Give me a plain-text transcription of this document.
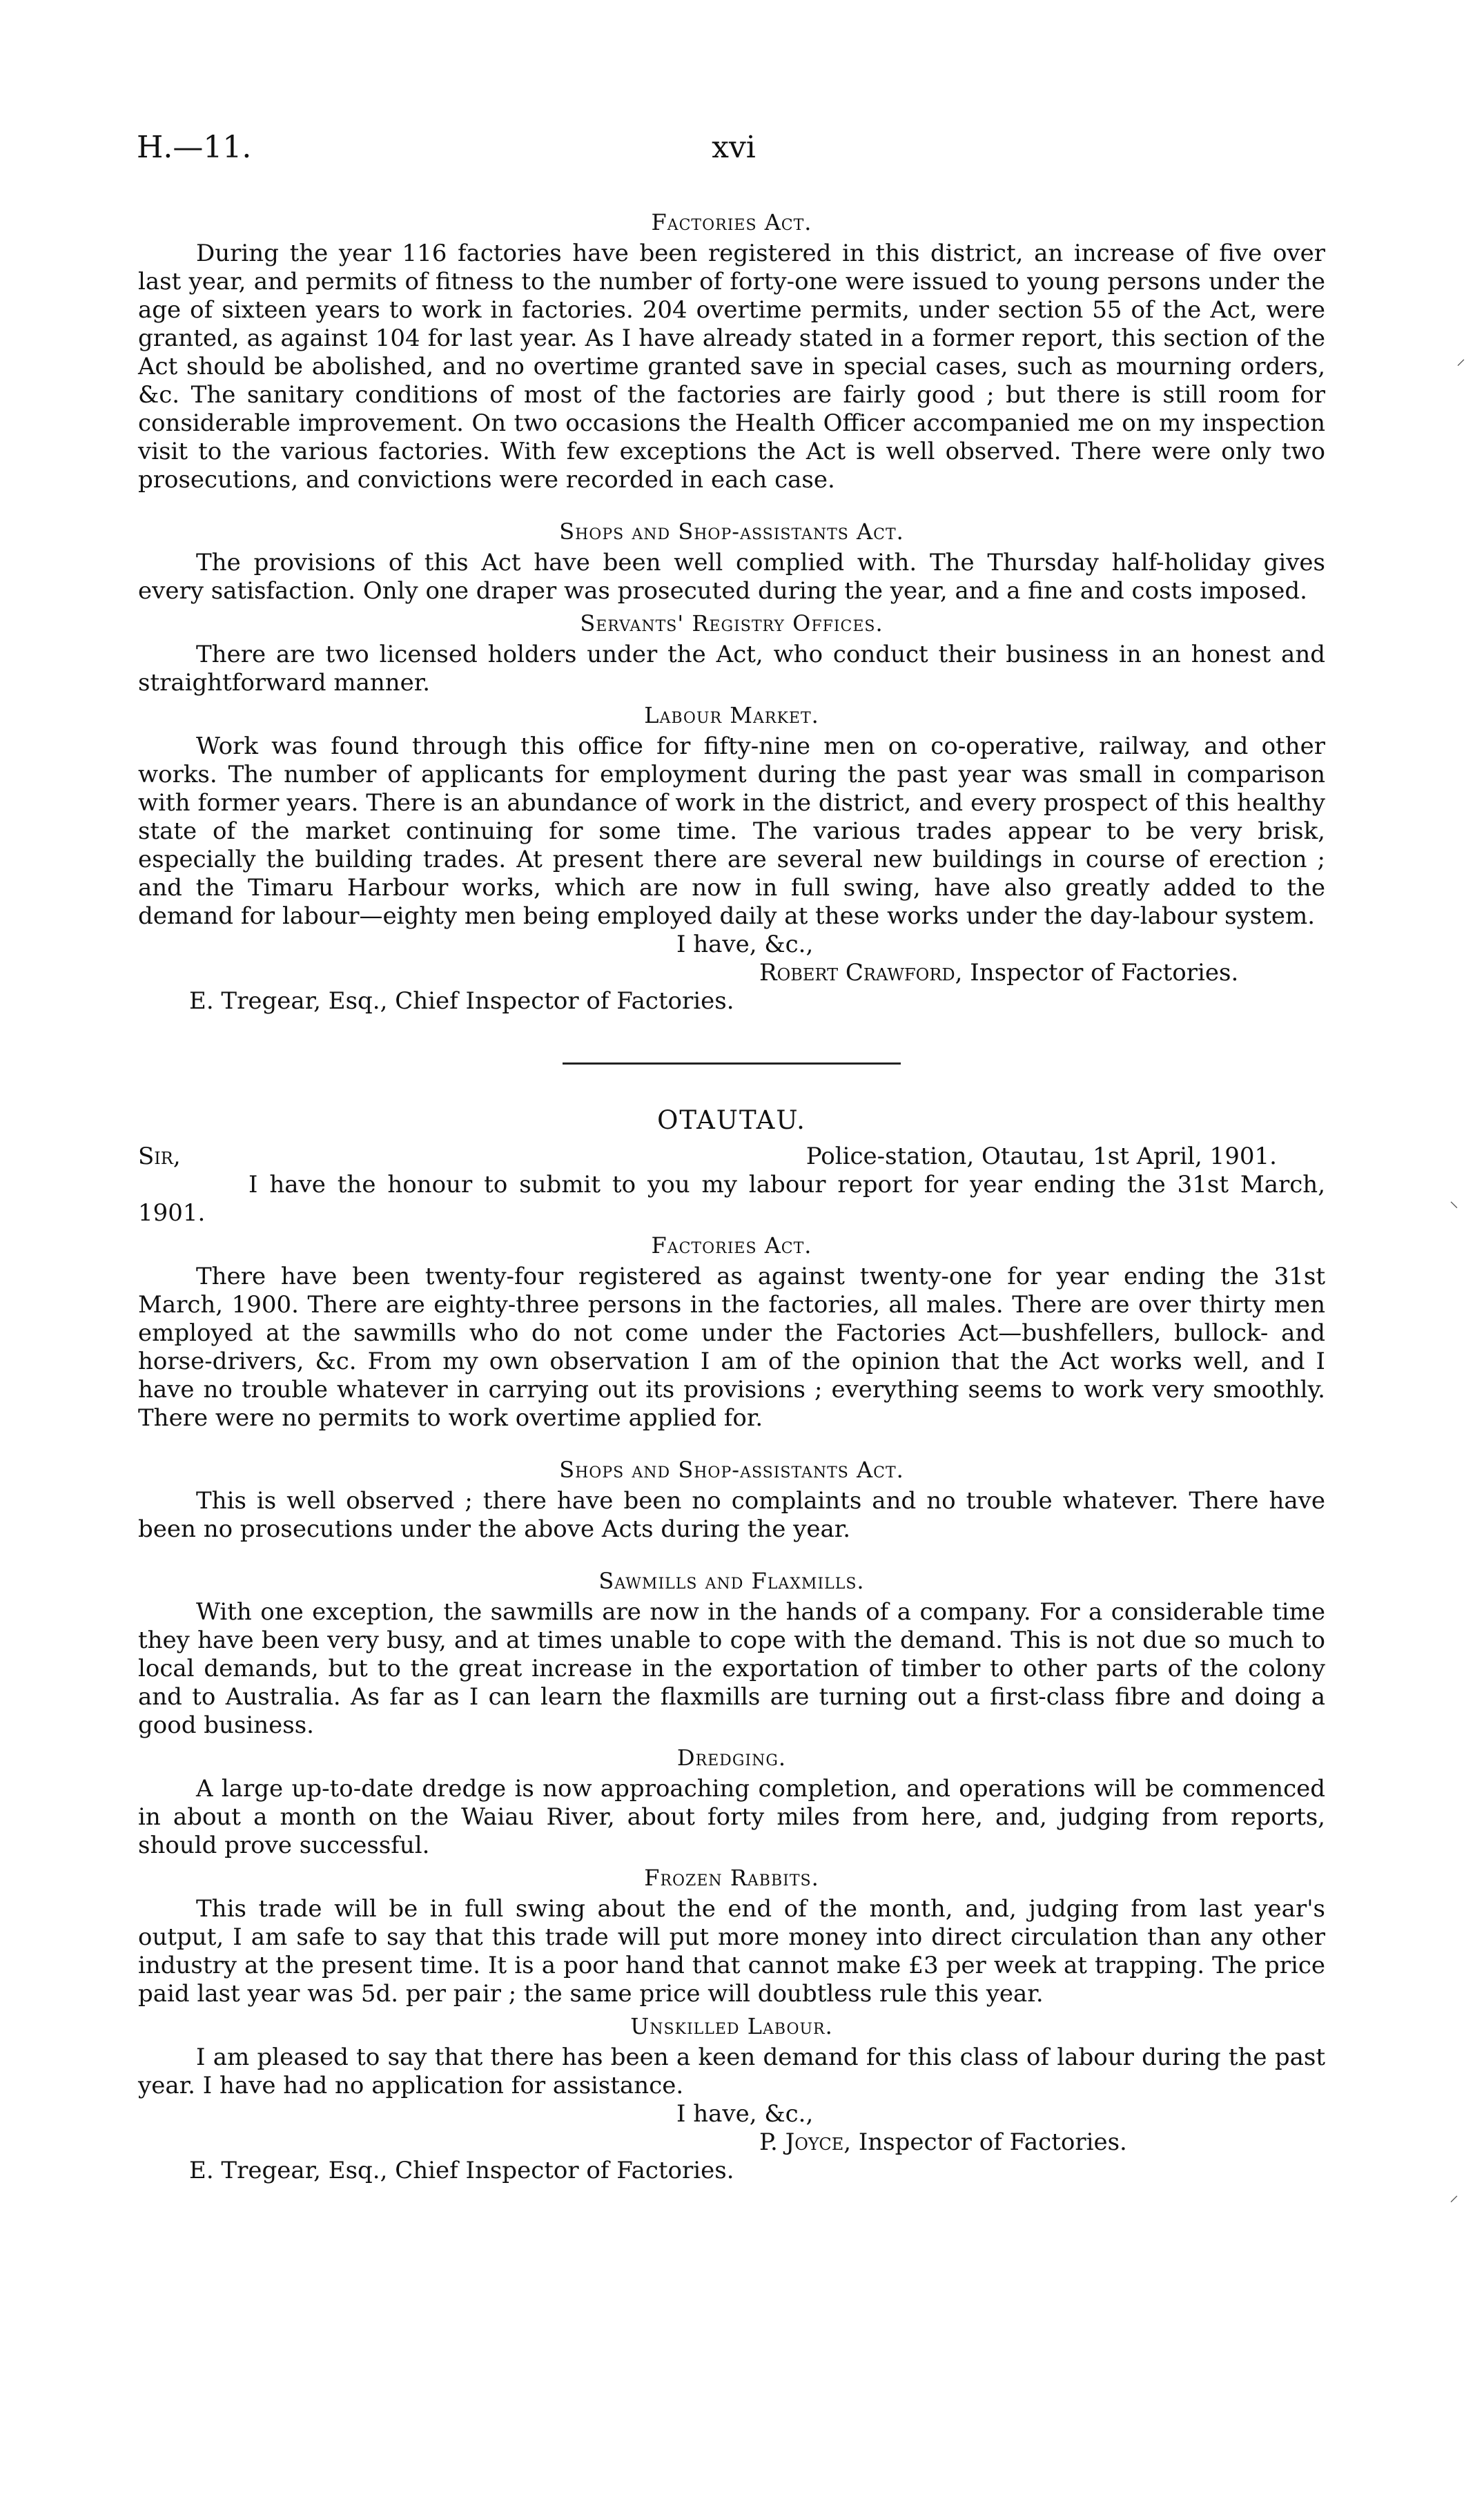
H.—11.	xvi
Factories Act.

During the year 116 factories have been registered in this district, an increase of five over last year, and permits of fitness to the number of forty-one were issued to young persons under the age of sixteen years to work in factories. 204 overtime permits, under section 55 of the Act, were granted, as against 104 for last year. As I have already stated in a former report, this section of the Act should be abolished, and no overtime granted save in special cases, such as mourning orders, &c. The sanitary conditions of most of the factories are fairly good ; but there is still room for considerable improvement. On two occasions the Health Officer accompanied me on my inspection visit to the various factories. With few exceptions the Act is well observed. There were only two prosecutions, and convictions were recorded in each case.

Shops and Shop-assistants Act.

The provisions of this Act have been well complied with. The Thursday half-holiday gives every satisfaction. Only one draper was prosecuted during the year, and a fine and costs imposed.

Servants' Registry Offices.

There are two licensed holders under the Act, who conduct their business in an honest and straightforward manner.

Labour Market.

Work was found through this office for fifty-nine men on co-operative, railway, and other works. The number of applicants for employment during the past year was small in comparison with former years. There is an abundance of work in the district, and every prospect of this healthy state of the market continuing for some time. The various trades appear to be very brisk, especially the building trades. At present there are several new buildings in course of erection ; and the Timaru Harbour works, which are now in full swing, have also greatly added to the demand for labour—eighty men being employed daily at these works under the day-labour system.

I have, &c.,
Robert Crawford, Inspector of Factories.
E. Tregear, Esq., Chief Inspector of Factories.
OTAUTAU.
Sir,	Police-station, Otautau, 1st April, 1901.

I have the honour to submit to you my labour report for year ending the 31st March, 1901.

Factories Act.

There have been twenty-four registered as against twenty-one for year ending the 31st March, 1900. There are eighty-three persons in the factories, all males. There are over thirty men employed at the sawmills who do not come under the Factories Act—bushfellers, bullock- and horse-drivers, &c. From my own observation I am of the opinion that the Act works well, and I have no trouble whatever in carrying out its provisions ; everything seems to work very smoothly. There were no permits to work overtime applied for.

Shops and Shop-assistants Act.

This is well observed ; there have been no complaints and no trouble whatever. There have been no prosecutions under the above Acts during the year.

Sawmills and Flaxmills.

With one exception, the sawmills are now in the hands of a company. For a considerable time they have been very busy, and at times unable to cope with the demand. This is not due so much to local demands, but to the great increase in the exportation of timber to other parts of the colony and to Australia. As far as I can learn the flaxmills are turning out a first-class fibre and doing a good business.

Dredging.

A large up-to-date dredge is now approaching completion, and operations will be commenced in about a month on the Waiau River, about forty miles from here, and, judging from reports, should prove successful.

Frozen Rabbits.

This trade will be in full swing about the end of the month, and, judging from last year's output, I am safe to say that this trade will put more money into direct circulation than any other industry at the present time. It is a poor hand that cannot make £3 per week at trapping. The price paid last year was 5d. per pair ; the same price will doubtless rule this year.

Unskilled Labour.

I am pleased to say that there has been a keen demand for this class of labour during the past year. I have had no application for assistance.

I have, &c.,
P. Joyce, Inspector of Factories.
E. Tregear, Esq., Chief Inspector of Factories.
⸝
⸜
⸝
